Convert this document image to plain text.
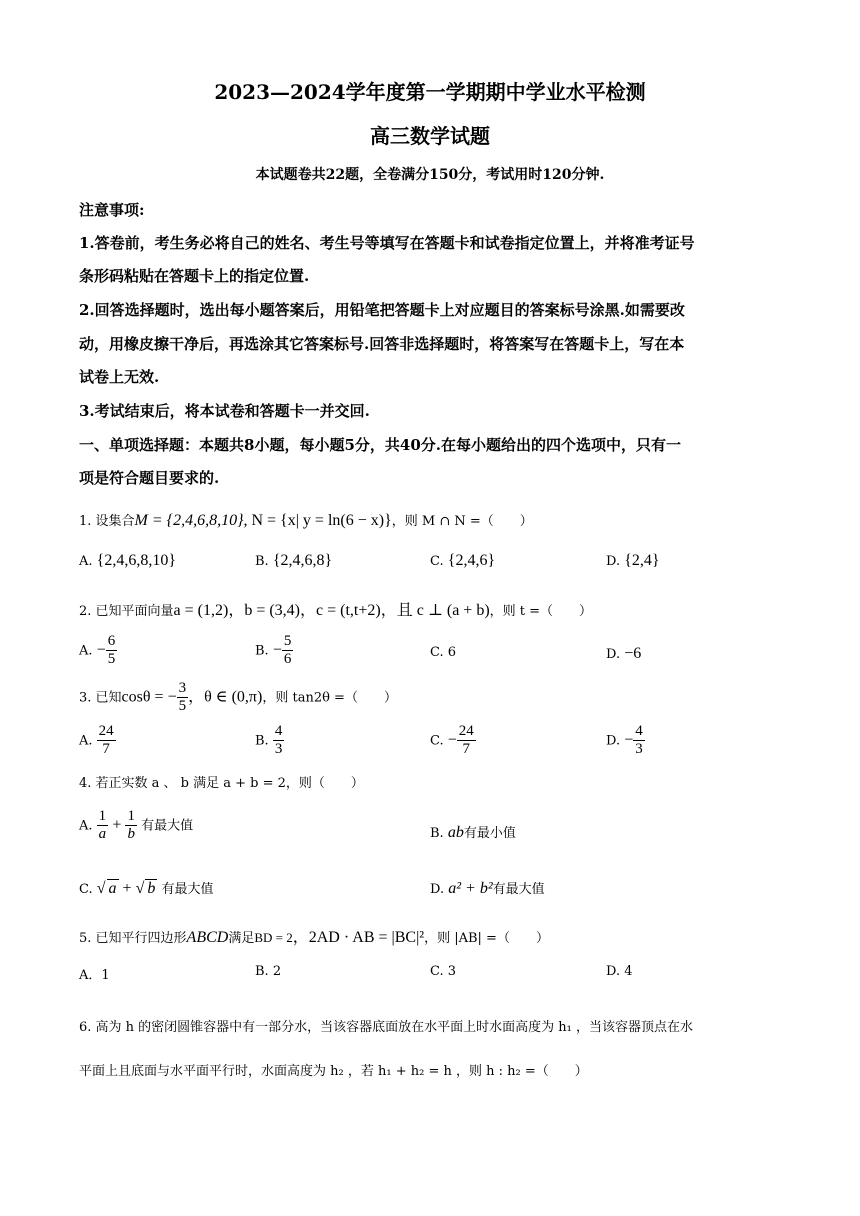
2023—2024学年度第一学期期中学业水平检测
高三数学试题
本试题卷共22题，全卷满分150分，考试用时120分钟.
注意事项:
1.答卷前，考生务必将自己的姓名、考生号等填写在答题卡和试卷指定位置上，并将准考证号
条形码粘贴在答题卡上的指定位置.
2.回答选择题时，选出每小题答案后，用铅笔把答题卡上对应题目的答案标号涂黑.如需要改
动，用橡皮擦干净后，再选涂其它答案标号.回答非选择题时，将答案写在答题卡上，写在本
试卷上无效.
3.考试结束后，将本试卷和答题卡一并交回.
一、单项选择题：本题共8小题，每小题5分，共40分.在每小题给出的四个选项中，只有一
项是符合题目要求的.
1. 设集合M = {2,4,6,8,10}, N = {x| y = ln(6 − x)}，则 M ∩ N =（　　）
A. {2,4,6,8,10}	B. {2,4,6,8}	C. {2,4,6}	D. {2,4}
2. 已知平面向量a = (1,2)，b = (3,4)，c = (t,t+2)，且 c ⊥ (a + b)，则 t =（　　）
A. − $\frac{6}{5}$	B. − $\frac{5}{6}$	C. 6	D. −6
3. 已知cosθ = − $\frac{3}{5}$ ，θ ∈ (0,π)，则 tan2θ =（　　）
A. $\frac{24}{7}$	B. $\frac{4}{3}$	C. − $\frac{24}{7}$	D. − $\frac{4}{3}$
4. 若正实数 a 、 b 满足 a + b = 2，则（　　）
A. $\frac{1}{a} + \frac{1}{b}$ 有最大值
B. ab有最小值
C. √ a + √ b 有最大值	D. a² + b²有最大值
5. 已知平行四边形ABCD满足BD = 2，2AD · AB = |BC|²，则 |AB| =（　　）
A．1	B. 2	C. 3	D. 4
6. 高为 h 的密闭圆锥容器中有一部分水，当该容器底面放在水平面上时水面高度为 h₁ ，当该容器顶点在水
平面上且底面与水平面平行时，水面高度为 h₂ ，若 h₁ + h₂ = h ，则 h : h₂ =（　　）
